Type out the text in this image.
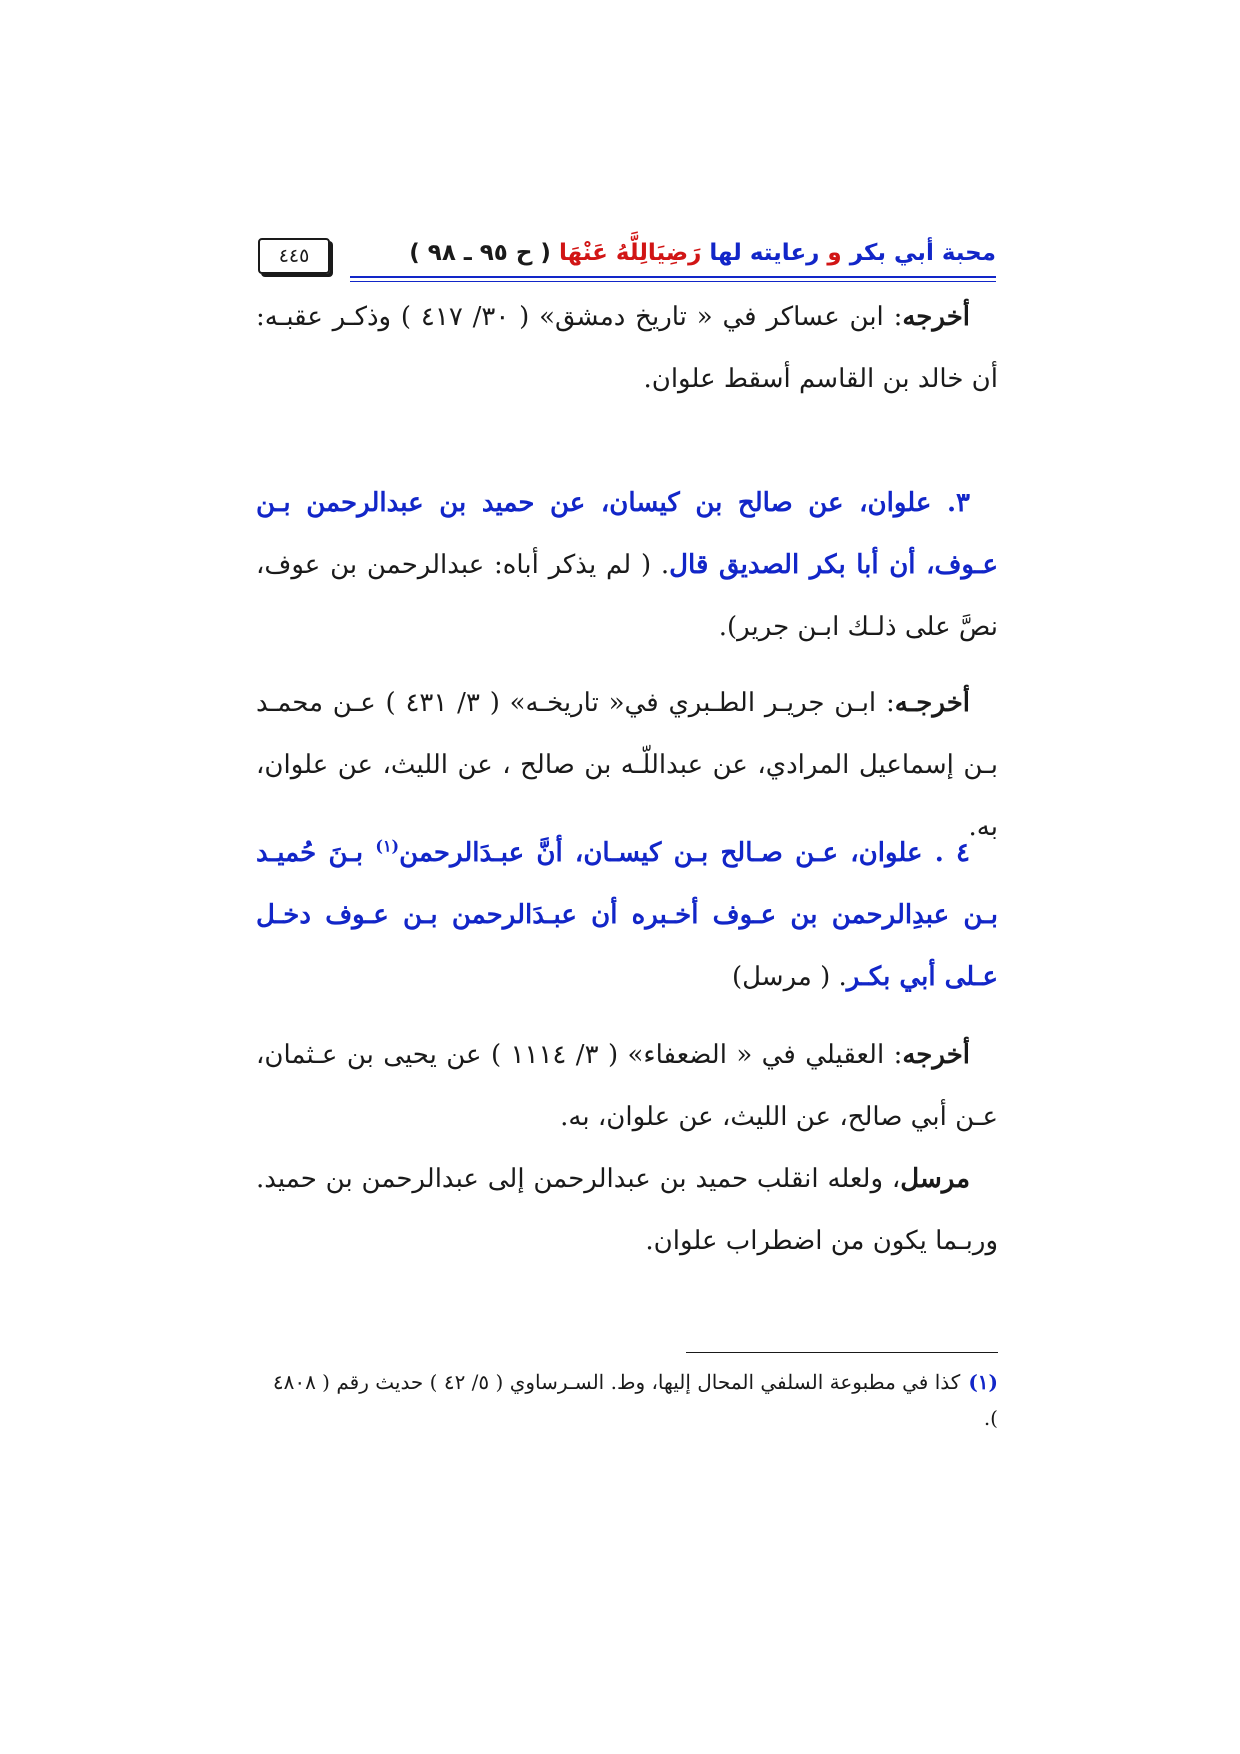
محبة أبي بكر و رعايته لها رَضِيَالِلَّهُ عَنْهَا ( ح ٩٥ ـ ٩٨ )
٤٤٥

أخرجه: ابن عساكر في « تاريخ دمشق» ( ٣٠/ ٤١٧ ) وذكـر عقبـه: أن خالد بن القاسم أسقط علوان.

٣. علوان، عن صالح بن كيسان، عن حميد بن عبدالرحمن بـن عـوف، أن أبا بكر الصديق قال. ( لم يذكر أباه: عبدالرحمن بن عوف، نصَّ على ذلـك ابـن جرير).

أخرجـه: ابـن جريـر الطـبري في« تاريخـه» ( ٣/ ٤٣١ ) عـن محمـد بـن إسماعيل المرادي، عن عبداللّـه بن صالح ، عن الليث، عن علوان، به.

٤ . علوان، عـن صـالح بـن كيسـان، أنَّ عبـدَالرحمن$^{(١)}$ بـنَ حُميـد بـن عبدِالرحمن بن عـوف أخـبره أن عبـدَالرحمن بـن عـوف دخـل عـلى أبي بكـر. ( مرسل)

أخرجه: العقيلي في « الضعفاء» ( ٣/ ١١١٤ ) عن يحيى بن عـثمان، عـن أبي صالح، عن الليث، عن علوان، به.

مرسل، ولعله انقلب حميد بن عبدالرحمن إلى عبدالرحمن بن حميد. وربـما يكون من اضطراب علوان.

(١)كذا في مطبوعة السلفي المحال إليها، وط. السـرساوي ( ٥/ ٤٢ ) حديث رقم ( ٤٨٠٨ ).
